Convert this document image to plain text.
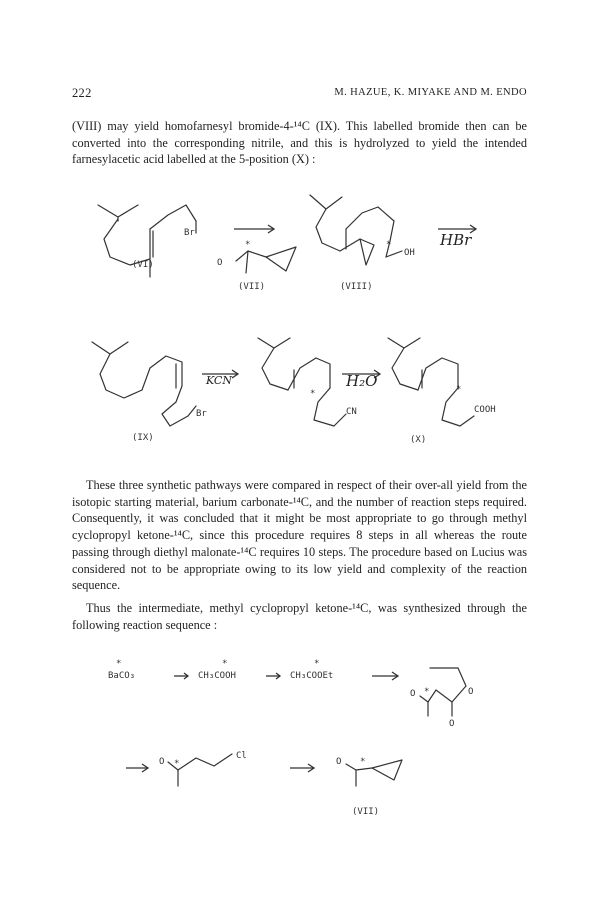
222	M. HAZUE, K. MIYAKE AND M. ENDO

(VIII) may yield homofarnesyl bromide-4-¹⁴C (IX). This labelled bromide then can be converted into the corresponding nitrile, and this is hydrolyzed to yield the intended farnesylacetic acid labelled at the 5-position (X) :

Br
(VI)	O
*
(VII)
*
OH
(VIII)
HBr
Br
(IX)
KCN
*
CN
H₂O	*
COOH
(X)

These three synthetic pathways were compared in respect of their over-all yield from the isotopic starting material, barium carbonate-¹⁴C, and the number of reaction steps required. Consequently, it was concluded that it might be most appropriate to go through methyl cyclopropyl ketone-¹⁴C, since this procedure requires 8 steps in all whereas the route passing through diethyl malonate-¹⁴C requires 10 steps. The procedure based on Lucius was considered not to be appropriate owing to its low yield and complexity of the reaction sequence.

Thus the intermediate, methyl cyclopropyl ketone-¹⁴C, was synthesized through the following reaction sequence :

*
BaCO₃
*
CH₃COOH
*
CH₃COOEt
O *	O
O
O *
Cl
O *
(VII)
